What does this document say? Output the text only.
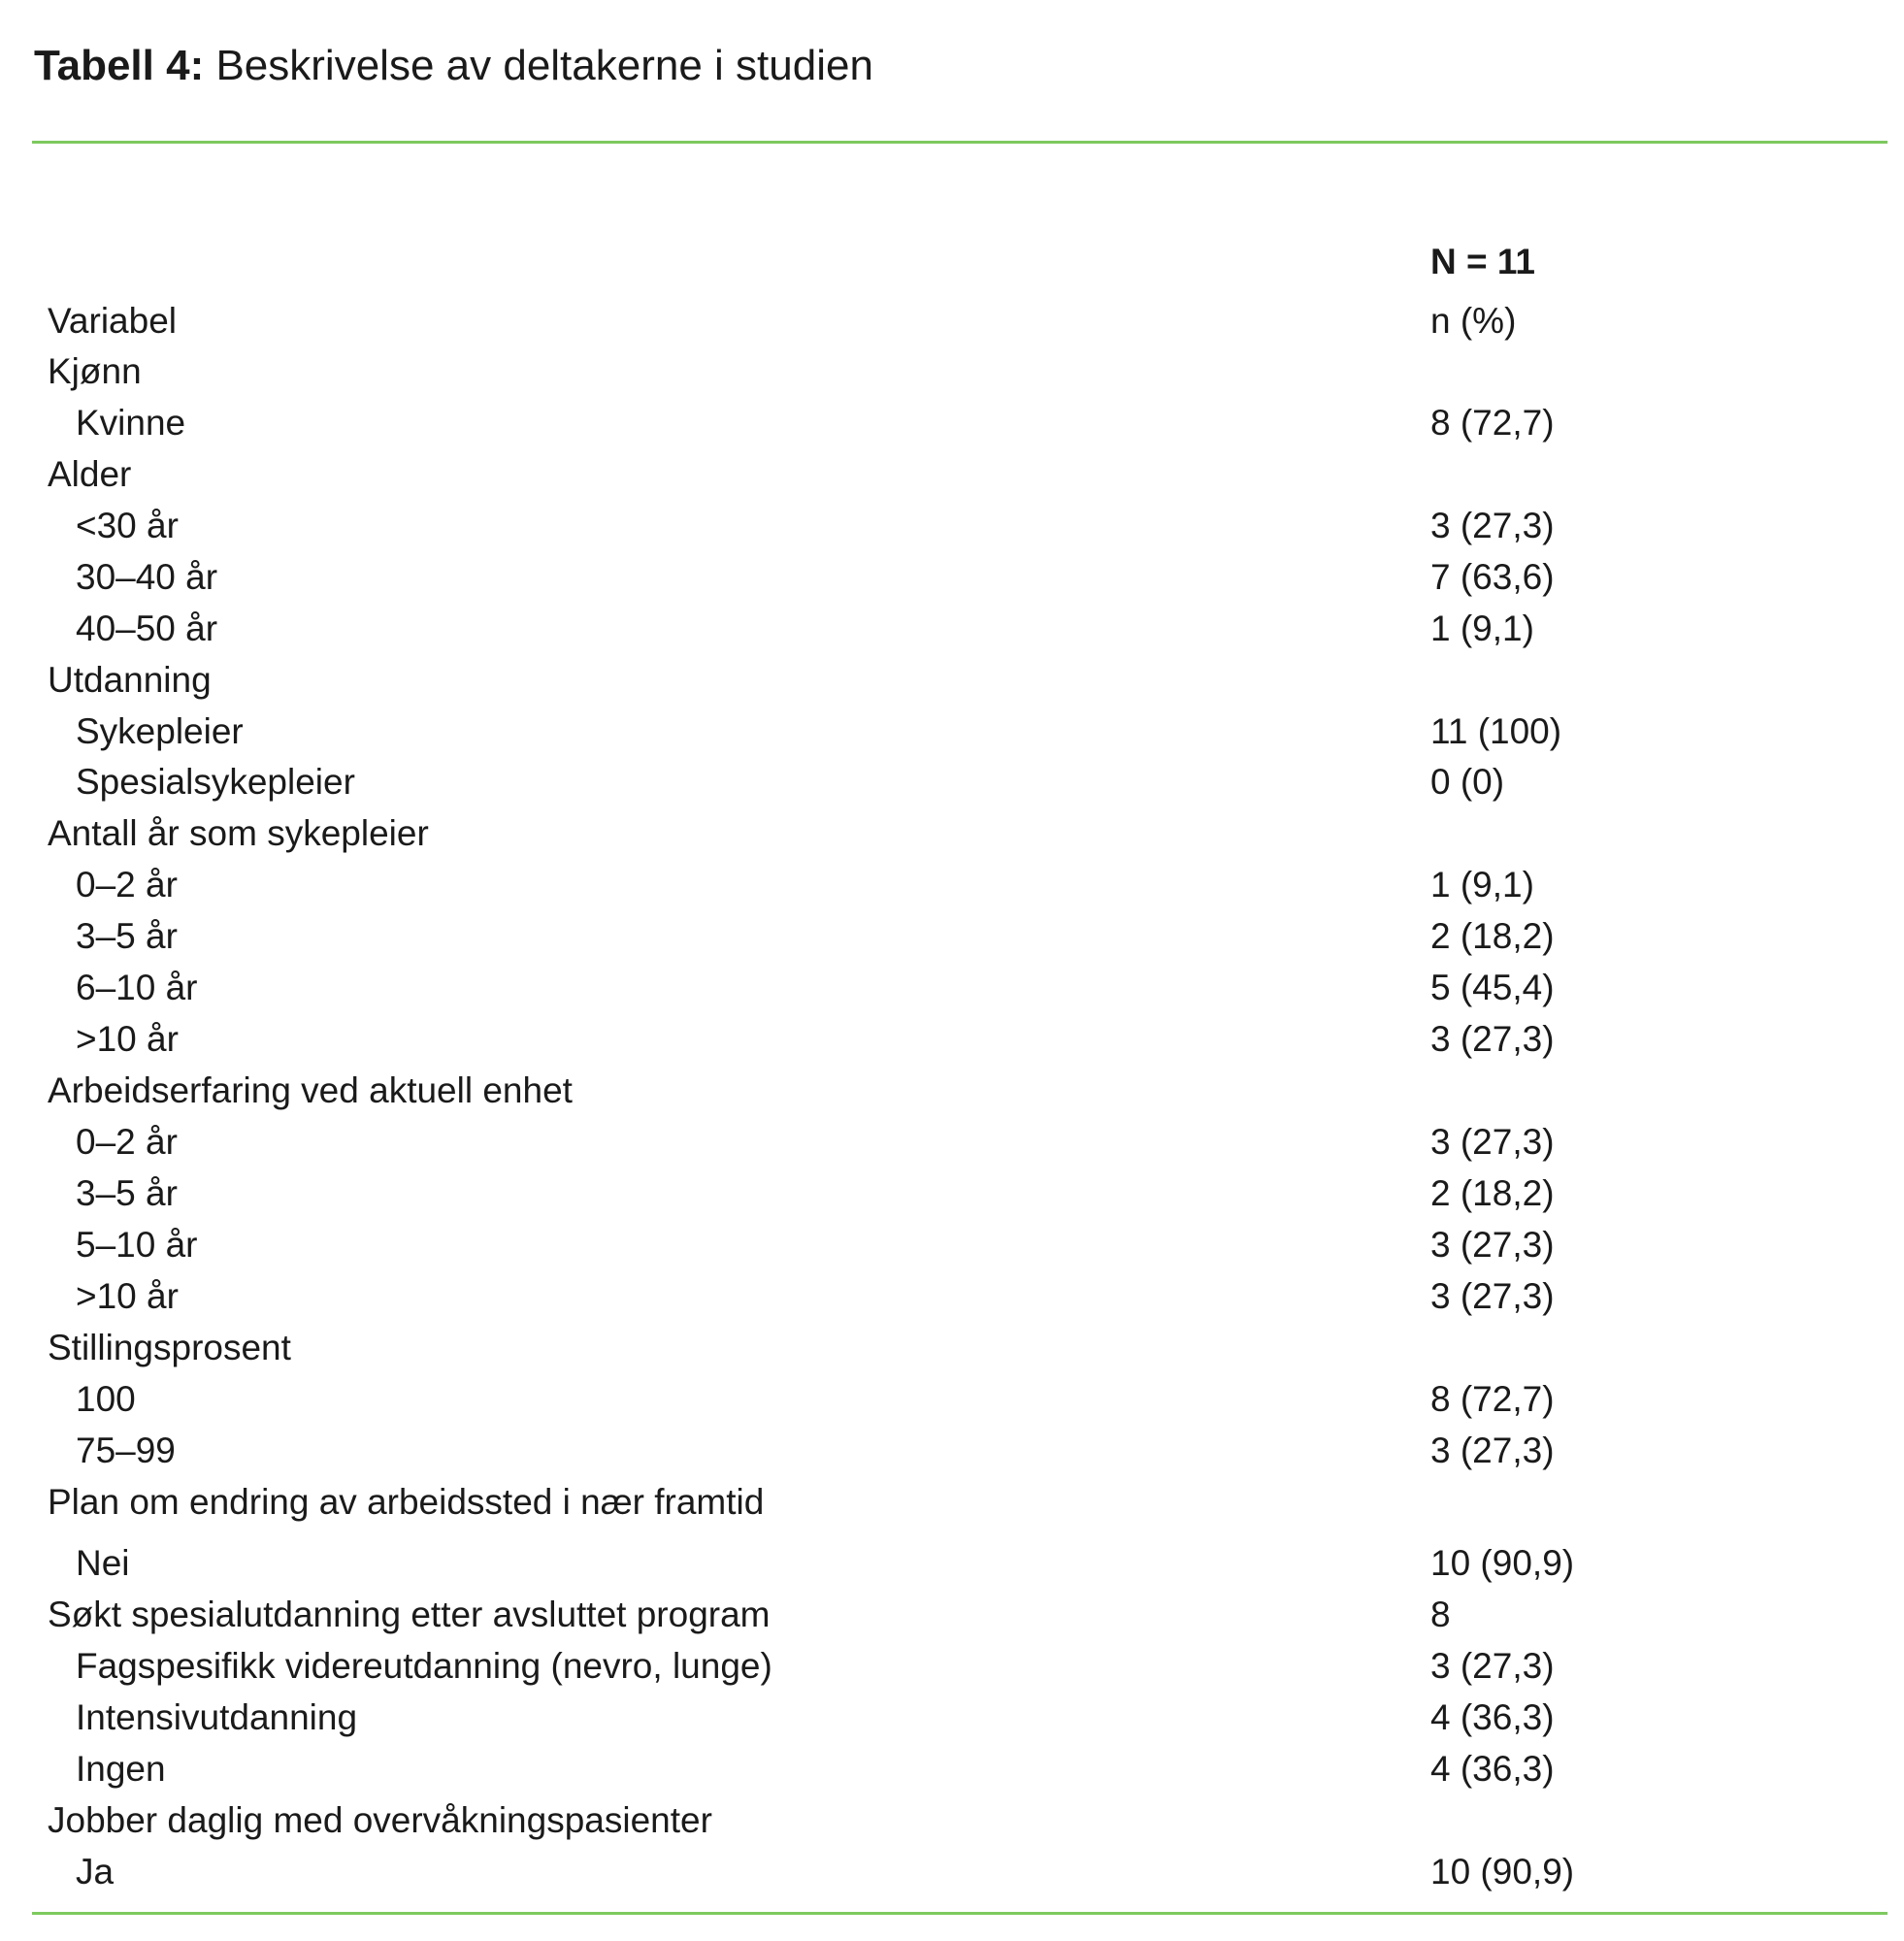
Tabell 4: Beskrivelse av deltakerne i studien
N = 11
Variabel	n (%)
Kjønn
Kvinne	8 (72,7)
Alder
<30 år	3 (27,3)
30–40 år	7 (63,6)
40–50 år	1 (9,1)
Utdanning
Sykepleier	11 (100)
Spesialsykepleier	0 (0)
Antall år som sykepleier
0–2 år	1 (9,1)
3–5 år	2 (18,2)
6–10 år	5 (45,4)
>10 år	3 (27,3)
Arbeidserfaring ved aktuell enhet
0–2 år	3 (27,3)
3–5 år	2 (18,2)
5–10 år	3 (27,3)
>10 år	3 (27,3)
Stillingsprosent
100	8 (72,7)
75–99	3 (27,3)
Plan om endring av arbeidssted i nær framtid
Nei	10 (90,9)
Søkt spesialutdanning etter avsluttet program	8
Fagspesifikk videreutdanning (nevro, lunge)	3 (27,3)
Intensivutdanning	4 (36,3)
Ingen	4 (36,3)
Jobber daglig med overvåkningspasienter
Ja	10 (90,9)
